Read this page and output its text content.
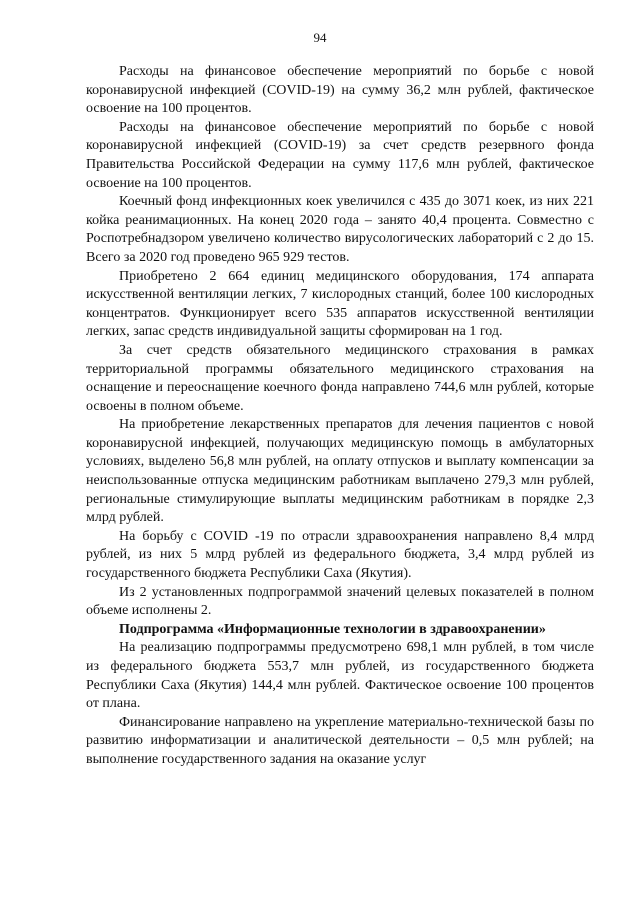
94

Расходы на финансовое обеспечение мероприятий по борьбе с новой коронавирусной инфекцией (COVID-19) на сумму 36,2 млн рублей, фактическое освоение на 100 процентов.

Расходы на финансовое обеспечение мероприятий по борьбе с новой коронавирусной инфекцией (COVID-19) за счет средств резервного фонда Правительства Российской Федерации на сумму 117,6 млн рублей, фактическое освоение на 100 процентов.

Коечный фонд инфекционных коек увеличился с 435 до 3071 коек, из них 221 койка реанимационных. На конец 2020 года – занято 40,4 процента. Совместно с Роспотребнадзором увеличено количество вирусологических лабораторий с 2 до 15. Всего за 2020 год проведено 965 929 тестов.

Приобретено 2 664 единиц медицинского оборудования, 174 аппарата искусственной вентиляции легких, 7 кислородных станций, более 100 кислородных концентратов. Функционирует всего 535 аппаратов искусственной вентиляции легких, запас средств индивидуальной защиты сформирован на 1 год.

За счет средств обязательного медицинского страхования в рамках территориальной программы обязательного медицинского страхования на оснащение и переоснащение коечного фонда направлено 744,6 млн рублей, которые освоены в полном объеме.

На приобретение лекарственных препаратов для лечения пациентов с новой коронавирусной инфекцией, получающих медицинскую помощь в амбулаторных условиях, выделено 56,8 млн рублей, на оплату отпусков и выплату компенсации за неиспользованные отпуска медицинским работникам выплачено 279,3 млн рублей, региональные стимулирующие выплаты медицинским работникам в порядке 2,3 млрд рублей.

На борьбу с COVID -19 по отрасли здравоохранения направлено 8,4 млрд рублей, из них 5 млрд рублей из федерального бюджета, 3,4 млрд рублей из государственного бюджета Республики Саха (Якутия).

Из 2 установленных подпрограммой значений целевых показателей в полном объеме исполнены 2.

Подпрограмма «Информационные технологии в здравоохранении»

На реализацию подпрограммы предусмотрено 698,1 млн рублей, в том числе из федерального бюджета 553,7 млн рублей, из государственного бюджета Республики Саха (Якутия) 144,4 млн рублей. Фактическое освоение 100 процентов от плана.

Финансирование направлено на укрепление материально-технической базы по развитию информатизации и аналитической деятельности – 0,5 млн рублей; на выполнение государственного задания на оказание услуг
